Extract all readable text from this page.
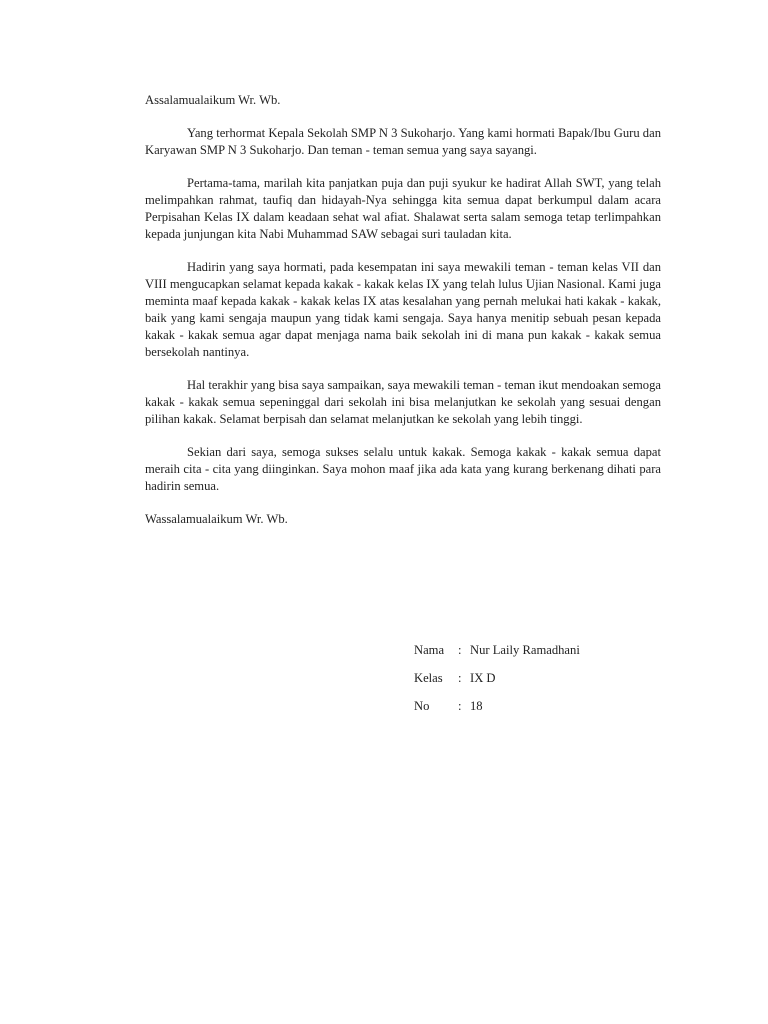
Assalamualaikum Wr. Wb.

Yang terhormat Kepala Sekolah SMP N 3 Sukoharjo. Yang kami hormati Bapak/Ibu Guru dan Karyawan SMP N 3 Sukoharjo. Dan teman - teman semua yang saya sayangi.

Pertama-tama, marilah kita panjatkan puja dan puji syukur ke hadirat Allah SWT, yang telah melimpahkan rahmat, taufiq dan hidayah-Nya sehingga kita semua dapat berkumpul dalam acara Perpisahan Kelas IX dalam keadaan sehat wal afiat. Shalawat serta salam semoga tetap terlimpahkan kepada junjungan kita Nabi Muhammad SAW sebagai suri tauladan kita.

Hadirin yang saya hormati, pada kesempatan ini saya mewakili teman - teman kelas VII dan VIII mengucapkan selamat kepada kakak - kakak kelas IX yang telah lulus Ujian Nasional. Kami juga meminta maaf kepada kakak - kakak kelas IX atas kesalahan yang pernah melukai hati kakak - kakak, baik yang kami sengaja maupun yang tidak kami sengaja. Saya hanya menitip sebuah pesan kepada kakak - kakak semua agar dapat menjaga nama baik sekolah ini di mana pun kakak - kakak semua bersekolah nantinya.

Hal terakhir yang bisa saya sampaikan, saya mewakili teman - teman ikut mendoakan semoga kakak - kakak semua sepeninggal dari sekolah ini bisa melanjutkan ke sekolah yang sesuai dengan pilihan kakak. Selamat berpisah dan selamat melanjutkan ke sekolah yang lebih tinggi.

Sekian dari saya, semoga sukses selalu untuk kakak. Semoga kakak - kakak semua dapat meraih cita - cita yang diinginkan. Saya mohon maaf jika ada kata yang kurang berkenang dihati para hadirin semua.

Wassalamualaikum Wr. Wb.

Nama	: Nur Laily Ramadhani
Kelas	: IX D
No	: 18
